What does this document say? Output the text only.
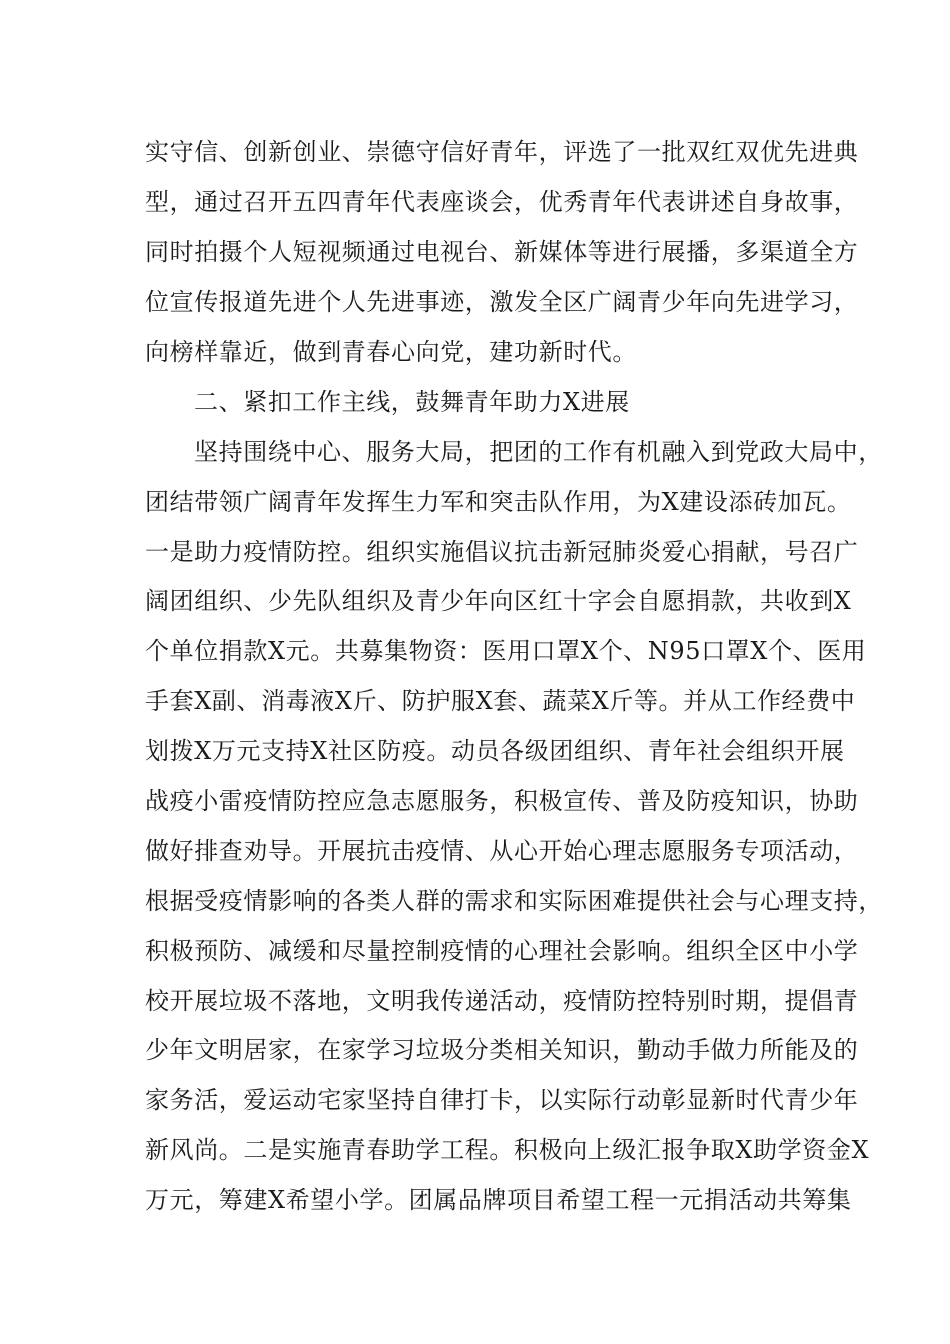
实守信、创新创业、崇德守信好青年，评选了一批双红双优先进典
型，通过召开五四青年代表座谈会，优秀青年代表讲述自身故事，
同时拍摄个人短视频通过电视台、新媒体等进行展播，多渠道全方
位宣传报道先进个人先进事迹，激发全区广阔青少年向先进学习，
向榜样靠近，做到青春心向党，建功新时代。
二、紧扣工作主线，鼓舞青年助力X进展
坚持围绕中心、服务大局，把团的工作有机融入到党政大局中，
团结带领广阔青年发挥生力军和突击队作用，为X建设添砖加瓦。
一是助力疫情防控。组织实施倡议抗击新冠肺炎爱心捐献，号召广
阔团组织、少先队组织及青少年向区红十字会自愿捐款，共收到X
个单位捐款X元。共募集物资：医用口罩X个、N95口罩X个、医用
手套X副、消毒液X斤、防护服X套、蔬菜X斤等。并从工作经费中
划拨X万元支持X社区防疫。动员各级团组织、青年社会组织开展
战疫小雷疫情防控应急志愿服务，积极宣传、普及防疫知识，协助
做好排查劝导。开展抗击疫情、从心开始心理志愿服务专项活动，
根据受疫情影响的各类人群的需求和实际困难提供社会与心理支持，
积极预防、减缓和尽量控制疫情的心理社会影响。组织全区中小学
校开展垃圾不落地，文明我传递活动，疫情防控特别时期，提倡青
少年文明居家，在家学习垃圾分类相关知识，勤动手做力所能及的
家务活，爱运动宅家坚持自律打卡，以实际行动彰显新时代青少年
新风尚。二是实施青春助学工程。积极向上级汇报争取X助学资金X
万元，筹建X希望小学。团属品牌项目希望工程一元捐活动共筹集
